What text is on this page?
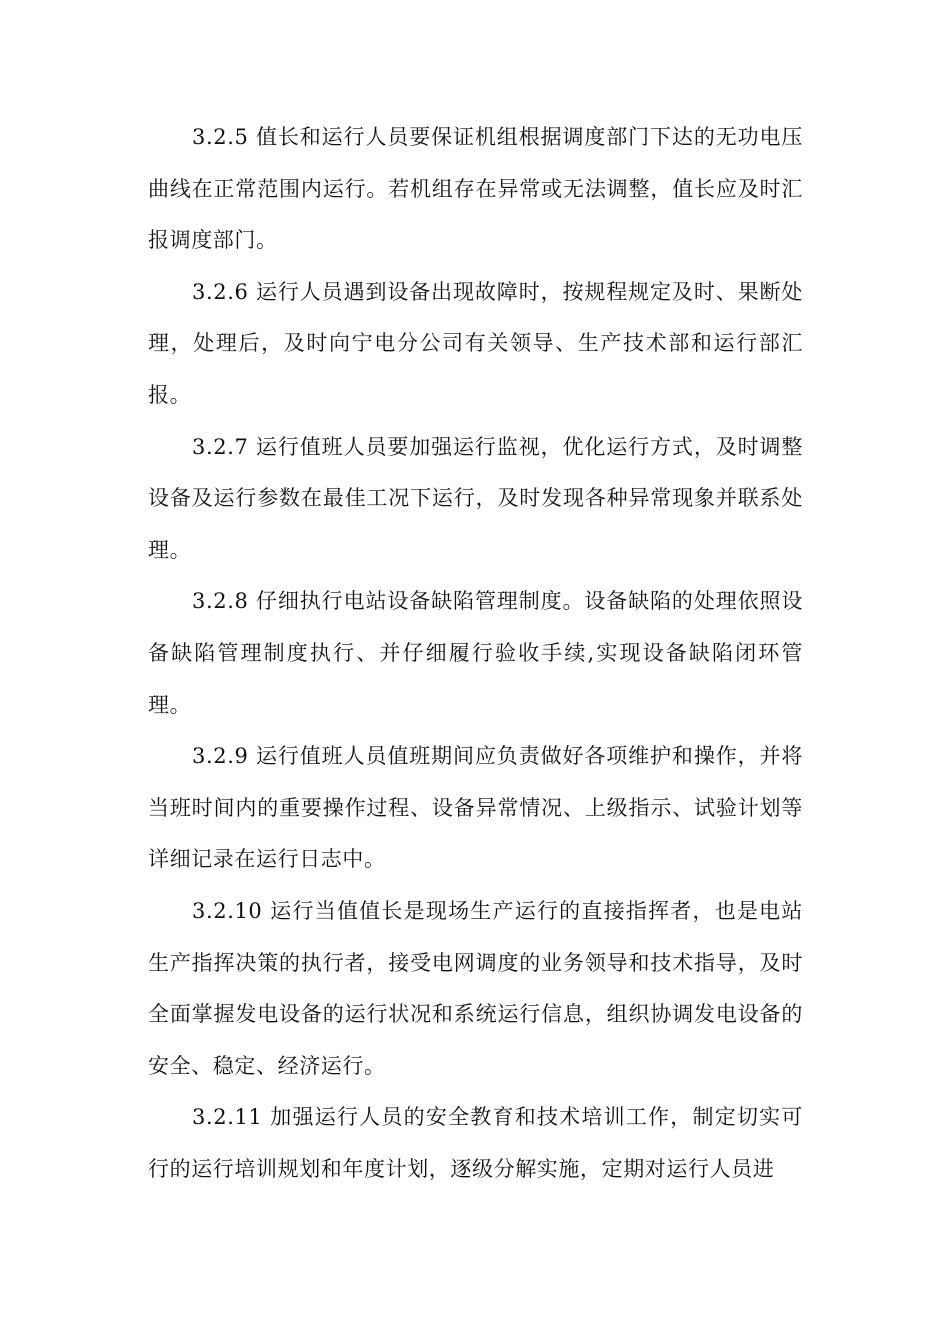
3.2.5 值长和运行人员要保证机组根据调度部门下达的无功电压曲线在正常范围内运行。若机组存在异常或无法调整，值长应及时汇报调度部门。

3.2.6 运行人员遇到设备出现故障时，按规程规定及时、果断处理，处理后，及时向宁电分公司有关领导、生产技术部和运行部汇报。

3.2.7 运行值班人员要加强运行监视，优化运行方式，及时调整设备及运行参数在最佳工况下运行，及时发现各种异常现象并联系处理。

3.2.8 仔细执行电站设备缺陷管理制度。设备缺陷的处理依照设备缺陷管理制度执行、并仔细履行验收手续,实现设备缺陷闭环管理。

3.2.9 运行值班人员值班期间应负责做好各项维护和操作，并将当班时间内的重要操作过程、设备异常情况、上级指示、试验计划等详细记录在运行日志中。

3.2.10 运行当值值长是现场生产运行的直接指挥者，也是电站生产指挥决策的执行者，接受电网调度的业务领导和技术指导，及时全面掌握发电设备的运行状况和系统运行信息，组织协调发电设备的安全、稳定、经济运行。

3.2.11 加强运行人员的安全教育和技术培训工作，制定切实可行的运行培训规划和年度计划，逐级分解实施，定期对运行人员进
